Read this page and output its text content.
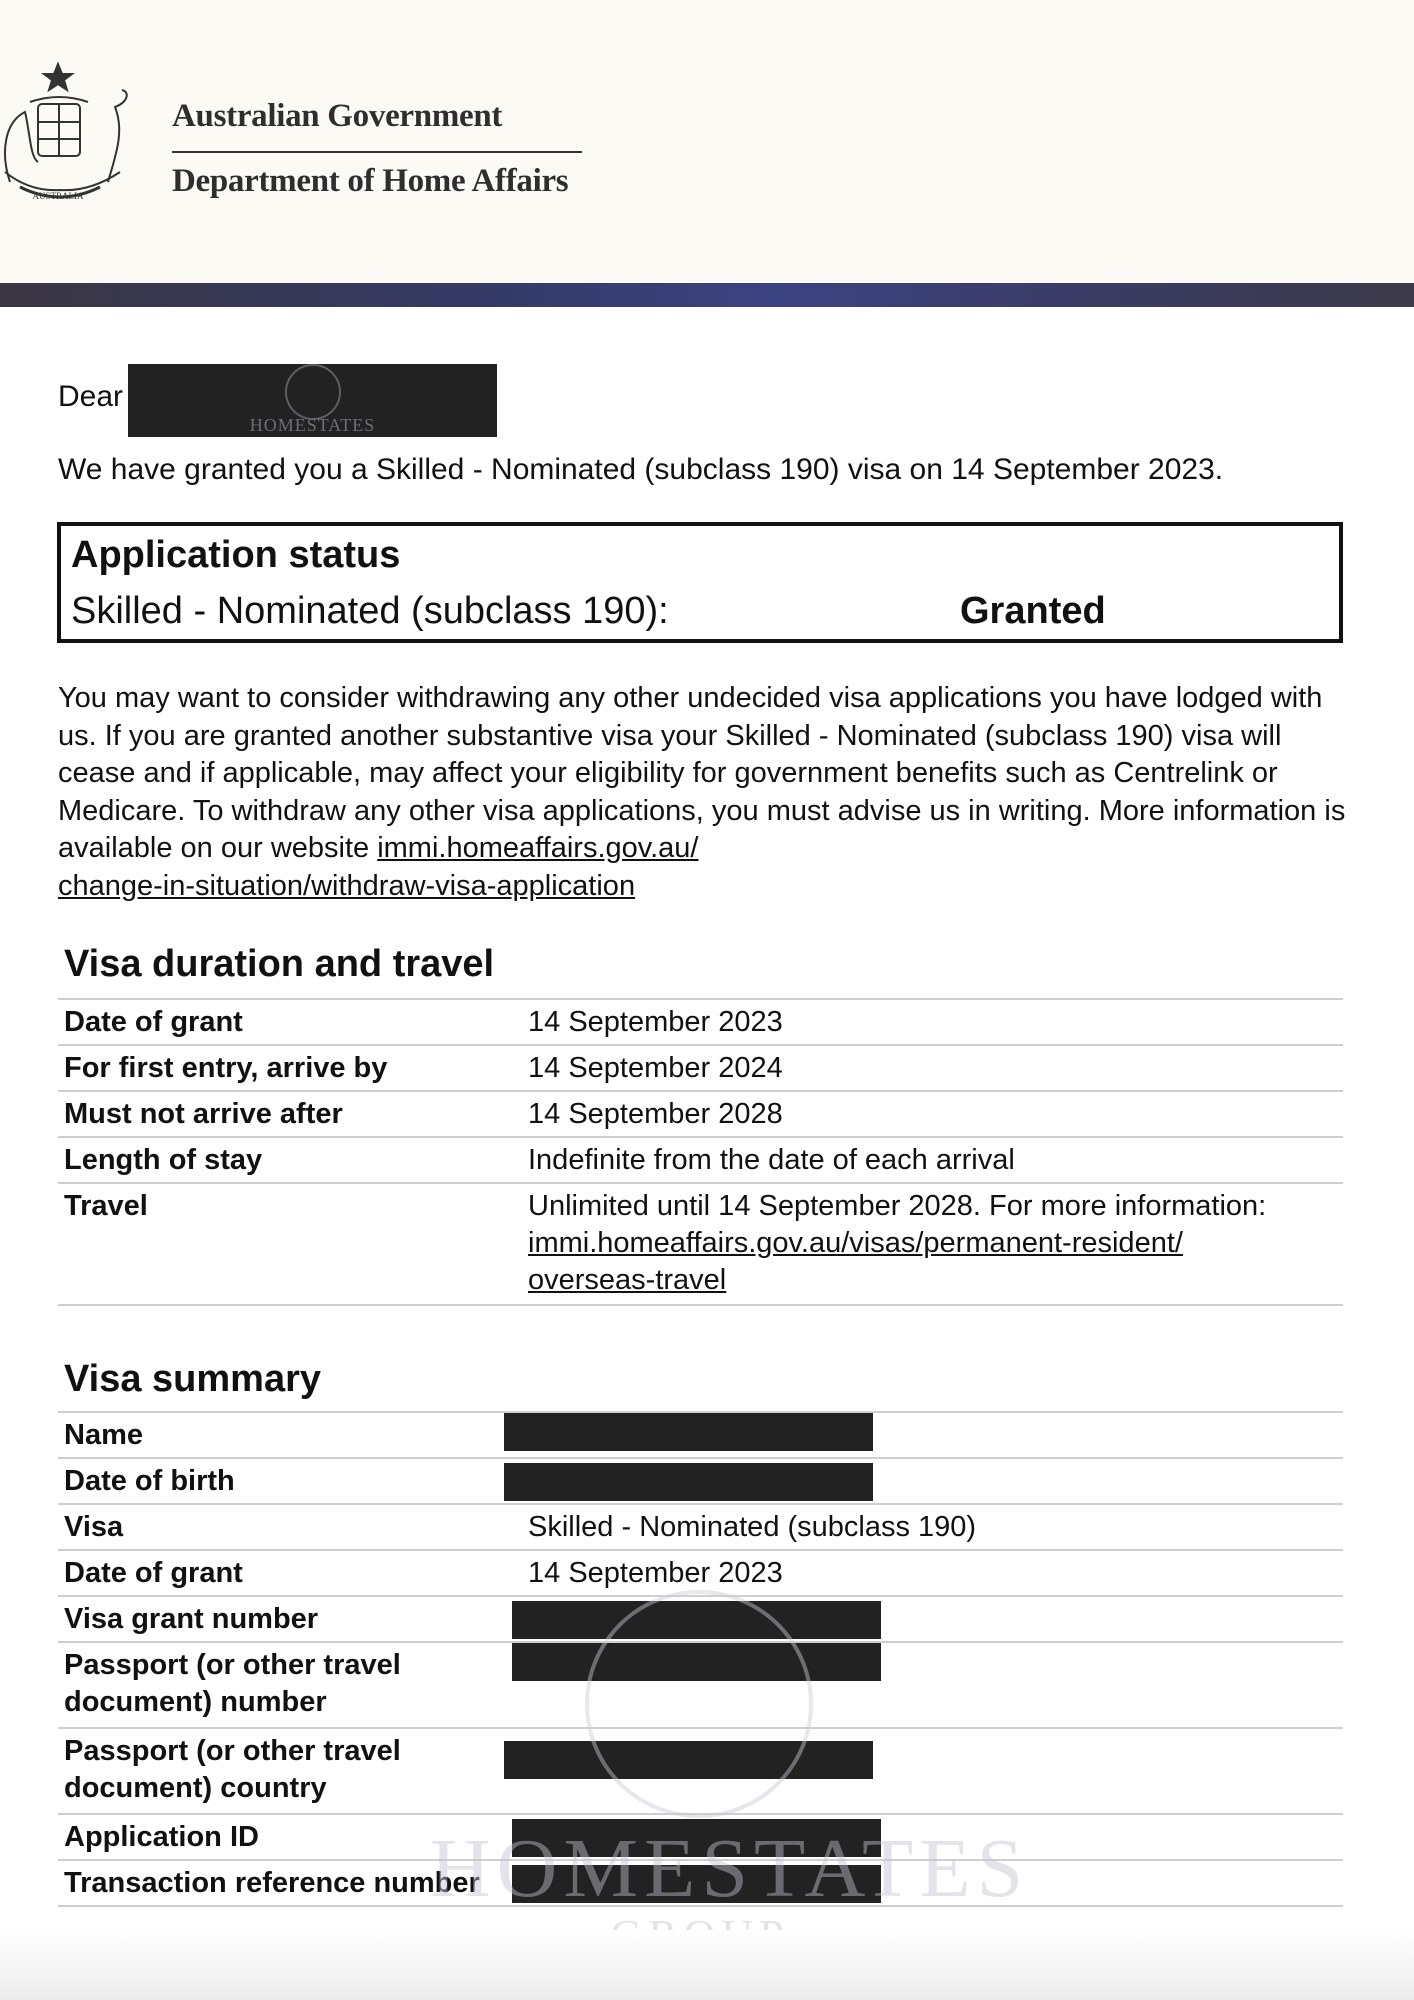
AUSTRALIA
Australian Government
Department of Home Affairs
Dear
HOMESTATES
We have granted you a Skilled - Nominated (subclass 190) visa on 14 September 2023.
Application status
Skilled - Nominated (subclass 190):	Granted
You may want to consider withdrawing any other undecided visa applications you have lodged with us. If you are granted another substantive visa your Skilled - Nominated (subclass 190) visa will cease and if applicable, may affect your eligibility for government benefits such as Centrelink or Medicare. To withdraw any other visa applications, you must advise us in writing. More information is available on our website immi.homeaffairs.gov.au/
change-in-situation/withdraw-visa-application
Visa duration and travel
Date of grant	14 September 2023
For first entry, arrive by	14 September 2024
Must not arrive after	14 September 2028
Length of stay	Indefinite from the date of each arrival
Travel	Unlimited until 14 September 2028. For more information:
immi.homeaffairs.gov.au/visas/permanent-resident/
overseas-travel
Visa summary
Name	
Date of birth	
Visa	Skilled - Nominated (subclass 190)
Date of grant	14 September 2023
Visa grant number	
Passport (or other travel
document) number	
Passport (or other travel
document) country	
Application ID	
Transaction reference number	
HOMESTATES
